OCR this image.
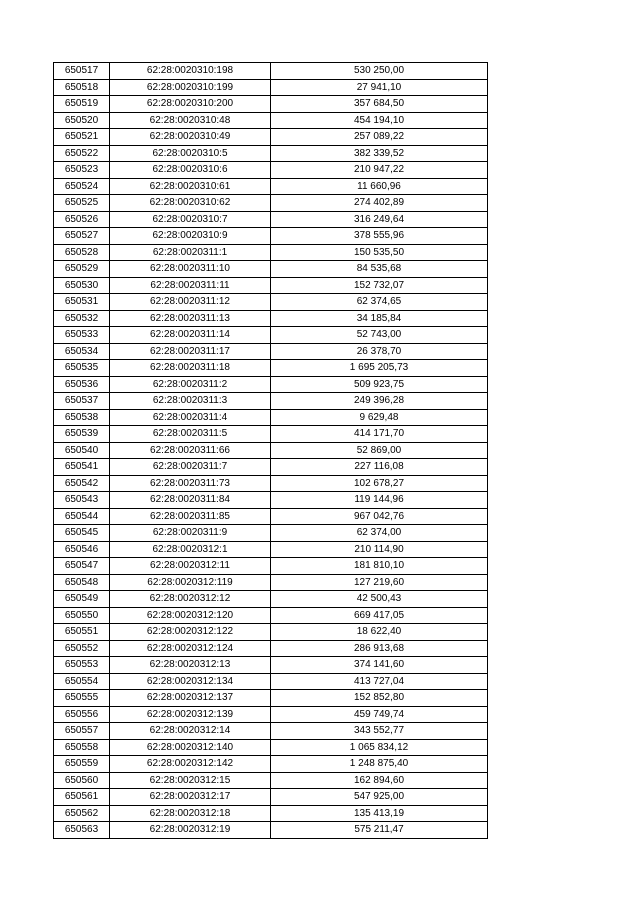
650517	62:28:0020310:198	530 250,00
650518	62:28:0020310:199	27 941,10
650519	62:28:0020310:200	357 684,50
650520	62:28:0020310:48	454 194,10
650521	62:28:0020310:49	257 089,22
650522	62:28:0020310:5	382 339,52
650523	62:28:0020310:6	210 947,22
650524	62:28:0020310:61	11 660,96
650525	62:28:0020310:62	274 402,89
650526	62:28:0020310:7	316 249,64
650527	62:28:0020310:9	378 555,96
650528	62:28:0020311:1	150 535,50
650529	62:28:0020311:10	84 535,68
650530	62:28:0020311:11	152 732,07
650531	62:28:0020311:12	62 374,65
650532	62:28:0020311:13	34 185,84
650533	62:28:0020311:14	52 743,00
650534	62:28:0020311:17	26 378,70
650535	62:28:0020311:18	1 695 205,73
650536	62:28:0020311:2	509 923,75
650537	62:28:0020311:3	249 396,28
650538	62:28:0020311:4	9 629,48
650539	62:28:0020311:5	414 171,70
650540	62:28:0020311:66	52 869,00
650541	62:28:0020311:7	227 116,08
650542	62:28:0020311:73	102 678,27
650543	62:28:0020311:84	119 144,96
650544	62:28:0020311:85	967 042,76
650545	62:28:0020311:9	62 374,00
650546	62:28:0020312:1	210 114,90
650547	62:28:0020312:11	181 810,10
650548	62:28:0020312:119	127 219,60
650549	62:28:0020312:12	42 500,43
650550	62:28:0020312:120	669 417,05
650551	62:28:0020312:122	18 622,40
650552	62:28:0020312:124	286 913,68
650553	62:28:0020312:13	374 141,60
650554	62:28:0020312:134	413 727,04
650555	62:28:0020312:137	152 852,80
650556	62:28:0020312:139	459 749,74
650557	62:28:0020312:14	343 552,77
650558	62:28:0020312:140	1 065 834,12
650559	62:28:0020312:142	1 248 875,40
650560	62:28:0020312:15	162 894,60
650561	62:28:0020312:17	547 925,00
650562	62:28:0020312:18	135 413,19
650563	62:28:0020312:19	575 211,47
